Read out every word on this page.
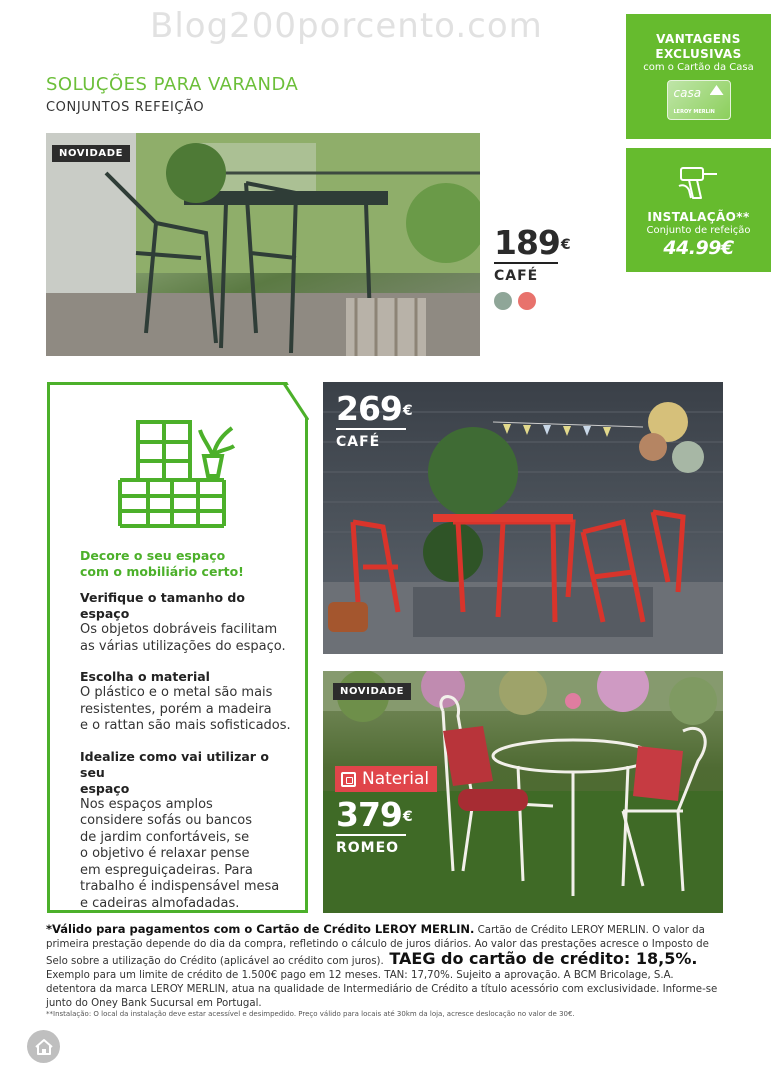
Blog200porcento.com
SOLUÇÕES PARA VARANDA
CONJUNTOS REFEIÇÃO
VANTAGENS
EXCLUSIVAS
com o Cartão da Casa
casa
LEROY MERLIN
INSTALAÇÃO**
Conjunto de refeição
44.99€
NOVIDADE
189€
CAFÉ
Decore o seu espaço
com o mobiliário certo!
Verifique o tamanho do espaço
Os objetos dobráveis facilitam
as várias utilizações do espaço.
Escolha o material
O plástico e o metal são mais
resistentes, porém a madeira
e o rattan são mais sofisticados.
Idealize como vai utilizar o seu
espaço
Nos espaços amplos
considere sofás ou bancos
de jardim confortáveis, se
o objetivo é relaxar pense
em espreguiçadeiras. Para
trabalho é indispensável mesa
e cadeiras almofadadas.
269€
CAFÉ
NOVIDADE
Naterial
379€
ROMEO
*Válido para pagamentos com o Cartão de Crédito LEROY MERLIN. Cartão de Crédito LEROY MERLIN. O valor da primeira prestação depende do dia da compra, refletindo o cálculo de juros diários. Ao valor das prestações acresce o Imposto de Selo sobre a utilização do Crédito (aplicável ao crédito com juros). TAEG do cartão de crédito: 18,5%. Exemplo para um limite de crédito de 1.500€ pago em 12 meses. TAN: 17,70%. Sujeito a aprovação. A BCM Bricolage, S.A. detentora da marca LEROY MERLIN, atua na qualidade de Intermediário de Crédito a título acessório com exclusividade. Informe-se junto do Oney Bank Sucursal em Portugal.
**Instalação: O local da instalação deve estar acessível e desimpedido. Preço válido para locais até 30km da loja, acresce deslocação no valor de 30€.
